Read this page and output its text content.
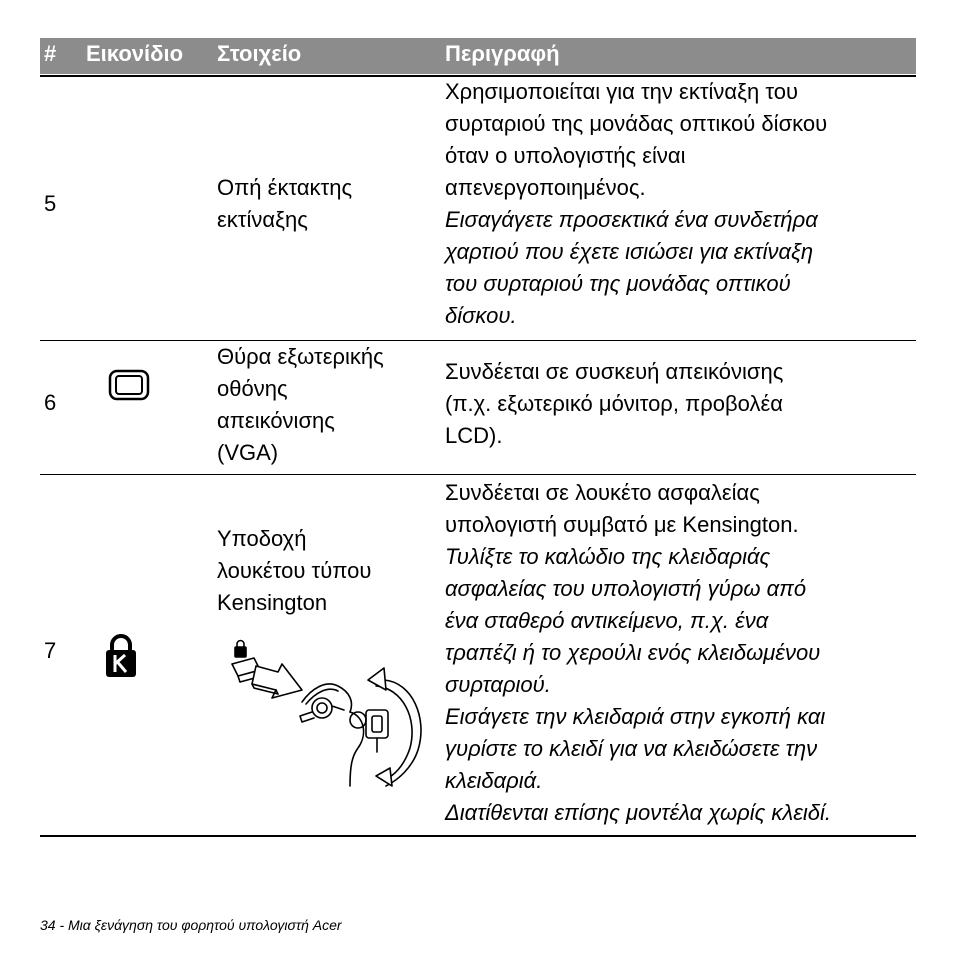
# Εικονίδιο Στοιχείο	Περιγραφή
5
Οπή έκτακτης
εκτίναξης
Χρησιμοποιείται για την εκτίναξη του
συρταριού της μονάδας οπτικού δίσκου
όταν ο υπολογιστής είναι
απενεργοποιημένος.
Εισαγάγετε προσεκτικά ένα συνδετήρα
χαρτιού που έχετε ισιώσει για εκτίναξη
του συρταριού της μονάδας οπτικού
δίσκου.
6
Θύρα εξωτερικής
οθόνης
απεικόνισης
(VGA)
Συνδέεται σε συσκευή απεικόνισης
(π.χ. εξωτερικό μόνιτορ, προβολέα
LCD).
7
Υποδοχή
λουκέτου τύπου
Kensington
Συνδέεται σε λουκέτο ασφαλείας
υπολογιστή συμβατό με Kensington.
Τυλίξτε το καλώδιο της κλειδαριάς
ασφαλείας του υπολογιστή γύρω από
ένα σταθερό αντικείμενο, π.χ. ένα
τραπέζι ή το χερούλι ενός κλειδωμένου
συρταριού.
Εισάγετε την κλειδαριά στην εγκοπή και
γυρίστε το κλειδί για να κλειδώσετε την
κλειδαριά.
Διατίθενται επίσης μοντέλα χωρίς κλειδί.
34 - Μια ξενάγηση του φορητού υπολογιστή Acer
